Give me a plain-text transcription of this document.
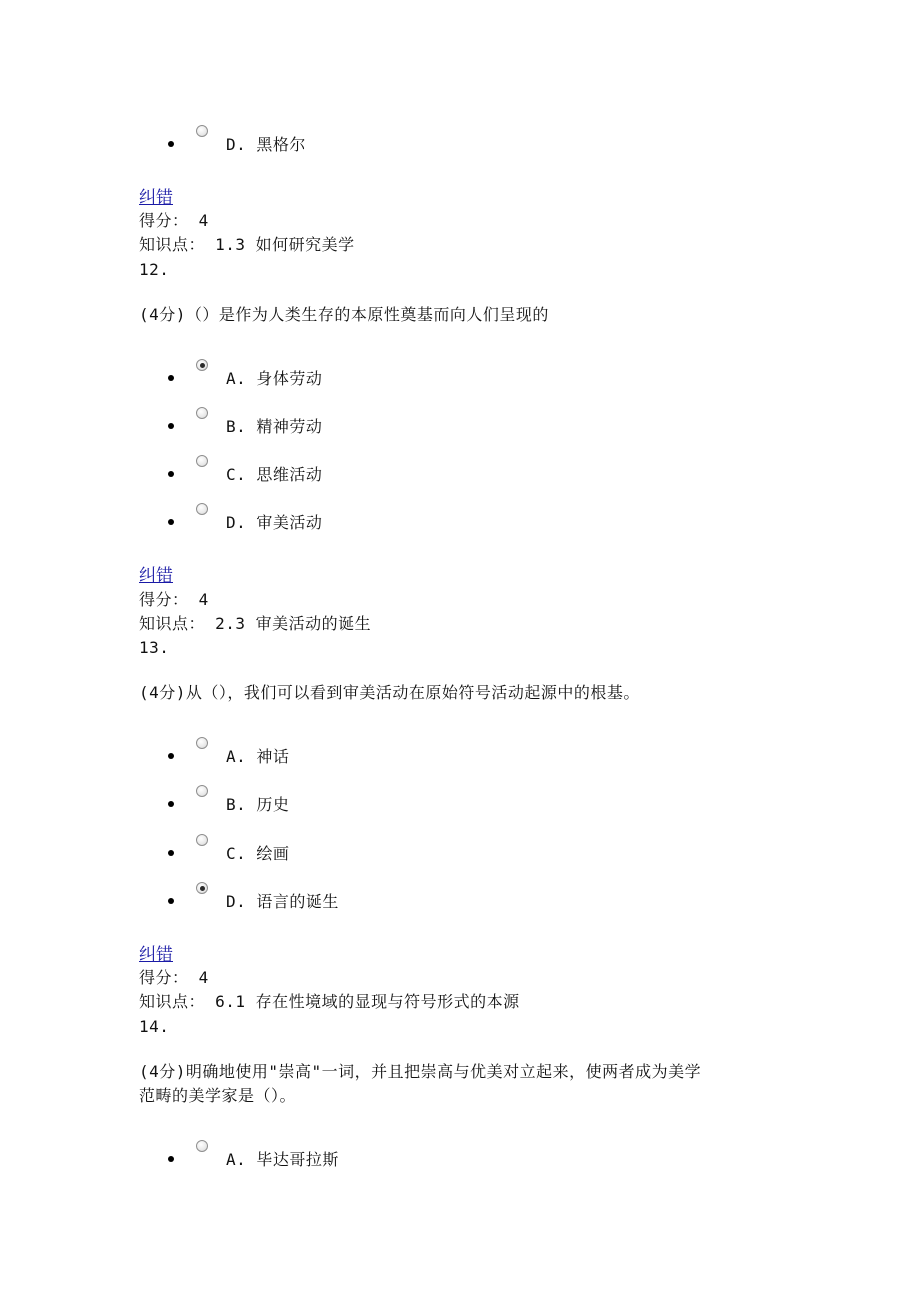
D. 黑格尔
纠错
得分： 4
知识点： 1.3 如何研究美学
12.
(4分)（）是作为人类生存的本原性奠基而向人们呈现的
A. 身体劳动
B. 精神劳动
C. 思维活动
D. 审美活动
纠错
得分： 4
知识点： 2.3 审美活动的诞生
13.
(4分)从（），我们可以看到审美活动在原始符号活动起源中的根基。
A. 神话
B. 历史
C. 绘画
D. 语言的诞生
纠错
得分： 4
知识点： 6.1 存在性境域的显现与符号形式的本源
14.
(4分)明确地使用"崇高"一词，并且把崇高与优美对立起来，使两者成为美学
范畴的美学家是（）。
A. 毕达哥拉斯
